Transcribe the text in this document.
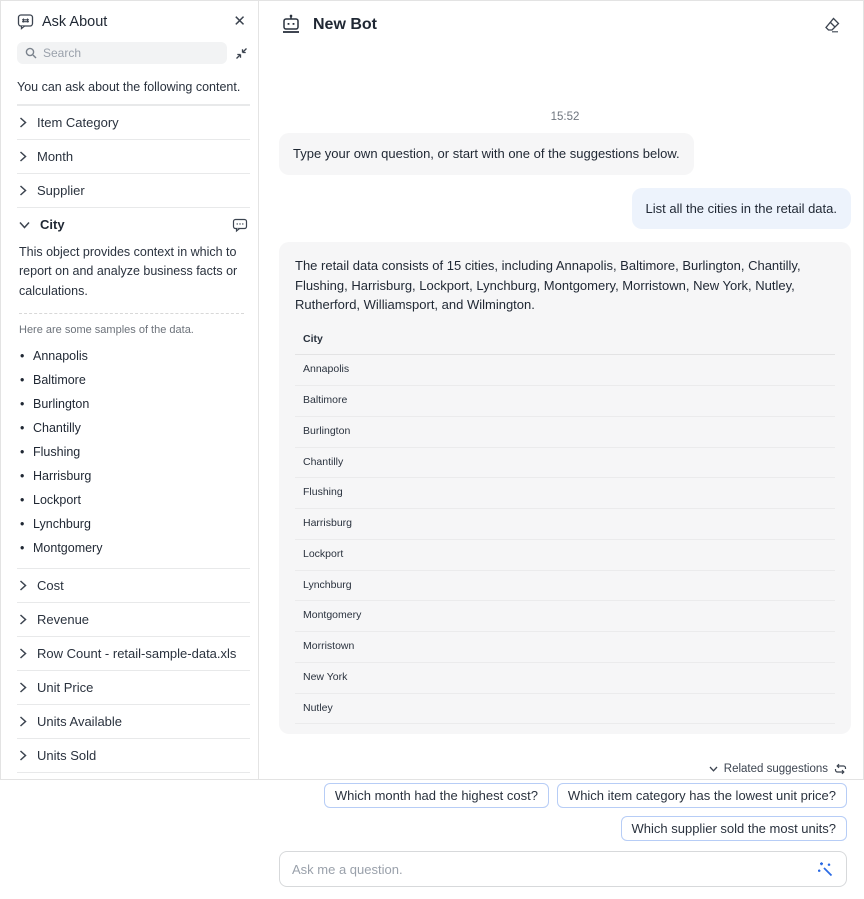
Ask About	✕
Search
You can ask about the following content.
Item Category
Month
Supplier
City
This object provides context in which to report on and analyze business facts or calculations.
Here are some samples of the data.
• Annapolis
• Baltimore
• Burlington
• Chantilly
• Flushing
• Harrisburg
• Lockport
• Lynchburg
• Montgomery
Cost
Revenue
Row Count - retail-sample-data.xls
Unit Price
Units Available
Units Sold
New Bot
15:52
Type your own question, or start with one of the suggestions below.
List all the cities in the retail data.

The retail data consists of 15 cities, including Annapolis, Baltimore, Burlington, Chantilly, Flushing, Harrisburg, Lockport, Lynchburg, Montgomery, Morristown, New York, Nutley, Rutherford, Williamsport, and Wilmington.

City
Annapolis
Baltimore
Burlington
Chantilly
Flushing
Harrisburg
Lockport
Lynchburg
Montgomery
Morristown
New York
Nutley
Related suggestions
Which month had the highest cost?	Which item category has the lowest unit price?
Which supplier sold the most units?
Ask me a question.
